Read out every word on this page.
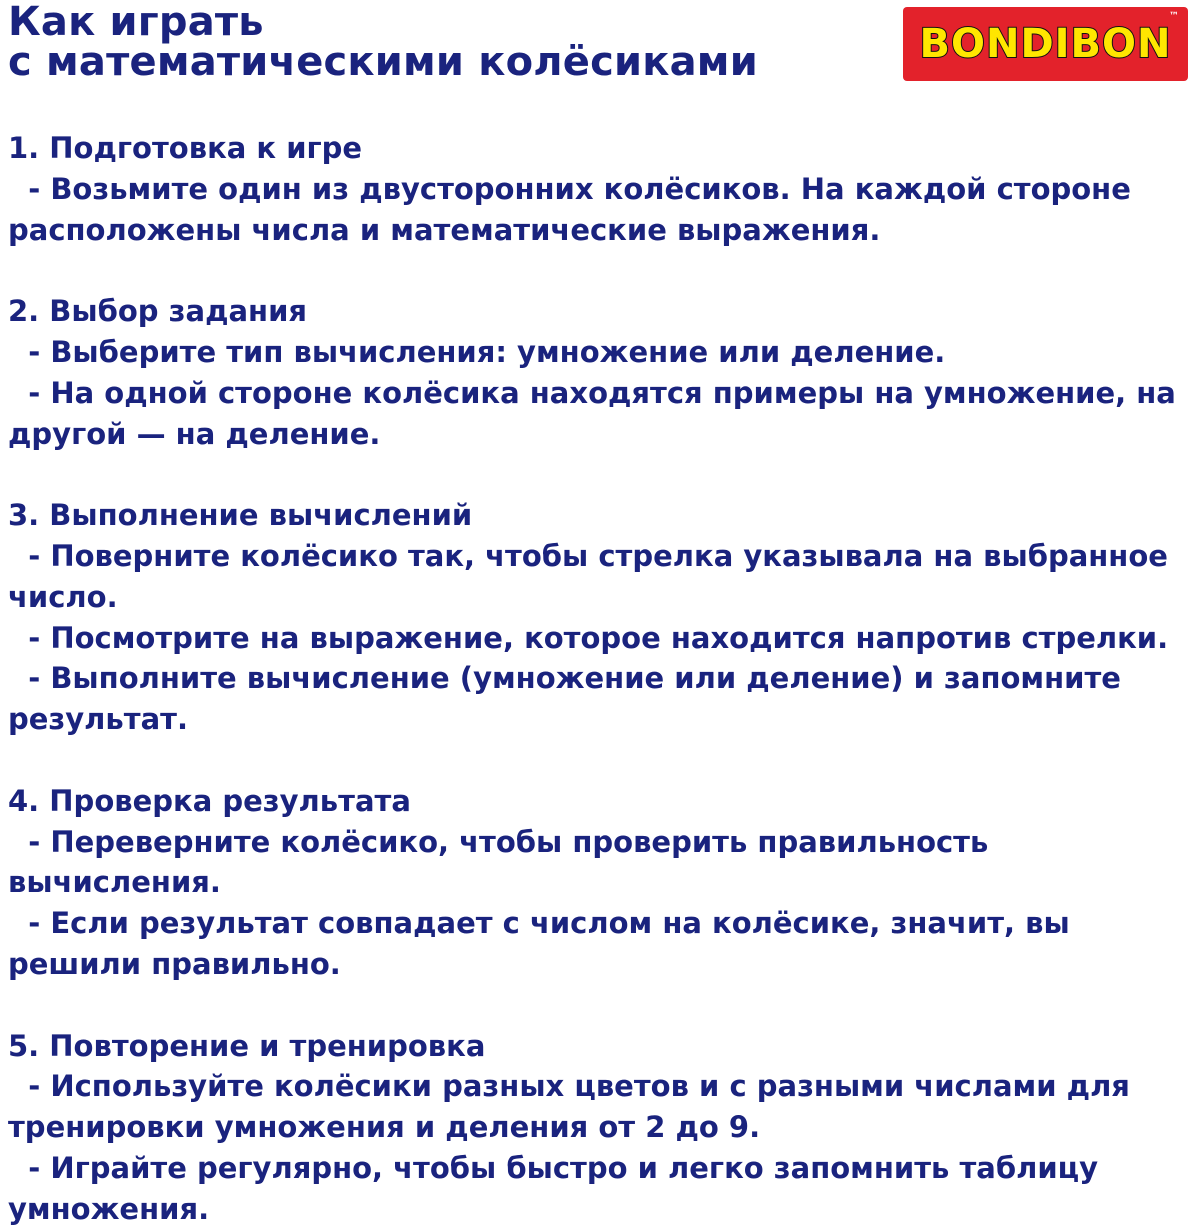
Как играть
с математическими колёсиками	BONDIBON
™
1. Подготовка к игре
- Возьмите один из двусторонних колёсиков. На каждой стороне расположены числа и математические выражения.
2. Выбор задания
- Выберите тип вычисления: умножение или деление.
- На одной стороне колёсика находятся примеры на умножение, на другой — на деление.
3. Выполнение вычислений
- Поверните колёсико так, чтобы стрелка указывала на выбранное число.
- Посмотрите на выражение, которое находится напротив стрелки.
- Выполните вычисление (умножение или деление) и запомните результат.
4. Проверка результата
- Переверните колёсико, чтобы проверить правильность вычисления.
- Если результат совпадает с числом на колёсике, значит, вы решили правильно.
5. Повторение и тренировка
- Используйте колёсики разных цветов и с разными числами для тренировки умножения и деления от 2 до 9.
- Играйте регулярно, чтобы быстро и легко запомнить таблицу умножения.
